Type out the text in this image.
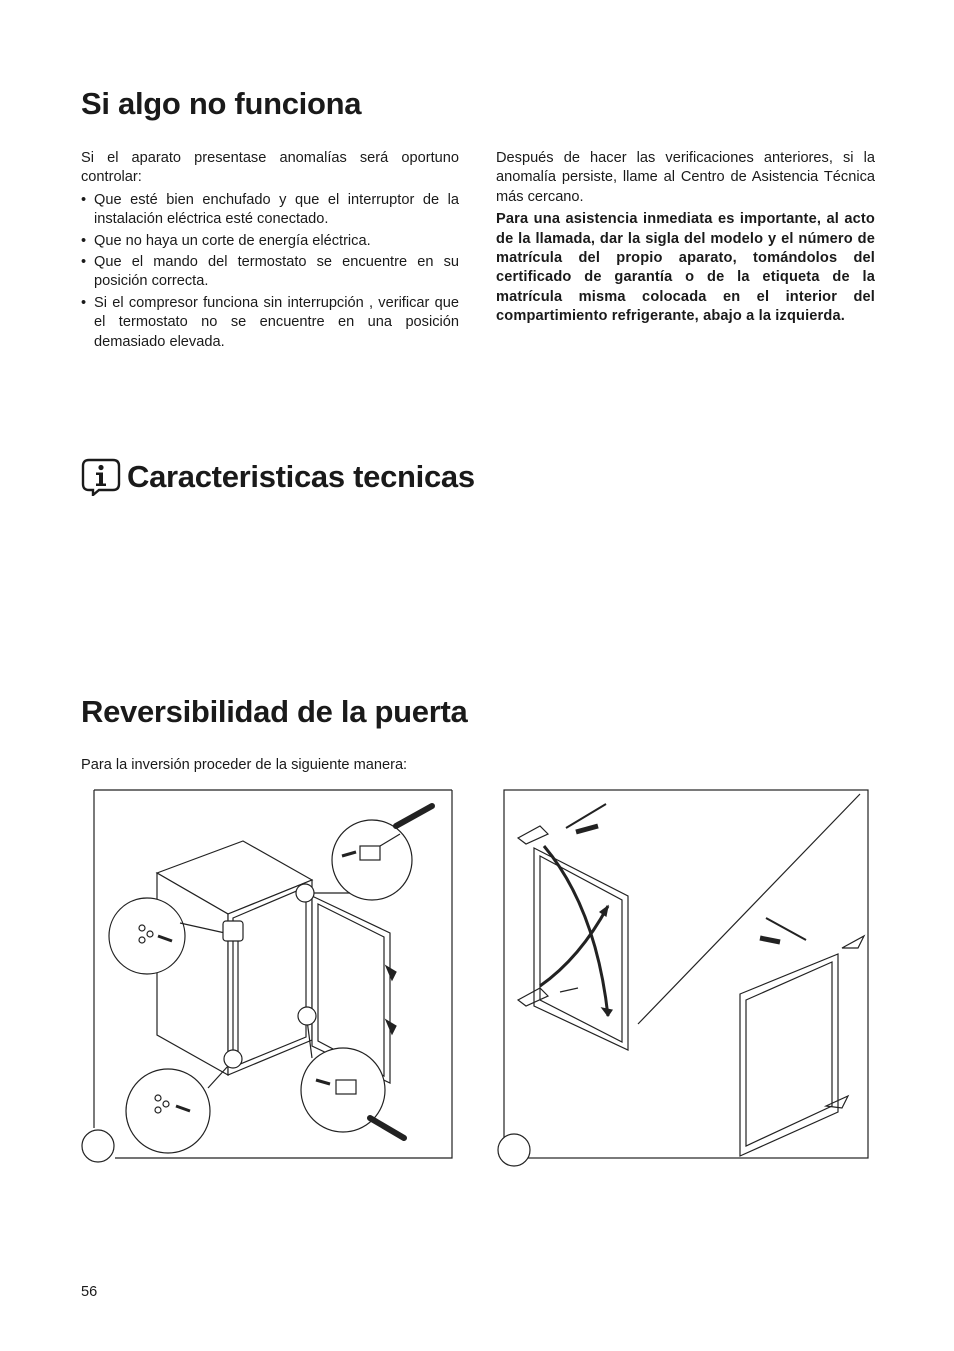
Si algo no funciona

Si el aparato presentase anomalías será oportuno controlar:

• Que esté bien enchufado y que el interruptor de la instalación eléctrica esté conectado.
• Que no haya un corte de energía eléctrica.
• Que el mando del termostato se encuentre en su posición correcta.
• Si el compresor funciona sin interrupción , verificar que el termostato no se encuentre en una posición demasiado elevada.

Después de hacer las verificaciones anteriores, si la anomalía persiste, llame al Centro de Asistencia Técnica más cercano.

Para una asistencia inmediata es importante, al acto de la llamada, dar la sigla del modelo y el número de matrícula del propio aparato, tomándolos del certificado de garantía o de la etiqueta de la matrícula misma colocada en el interior del compartimiento refrigerante, abajo a la izquierda.

Caracteristicas tecnicas
Reversibilidad de la puerta
Para la inversión proceder de la siguiente manera:
56
